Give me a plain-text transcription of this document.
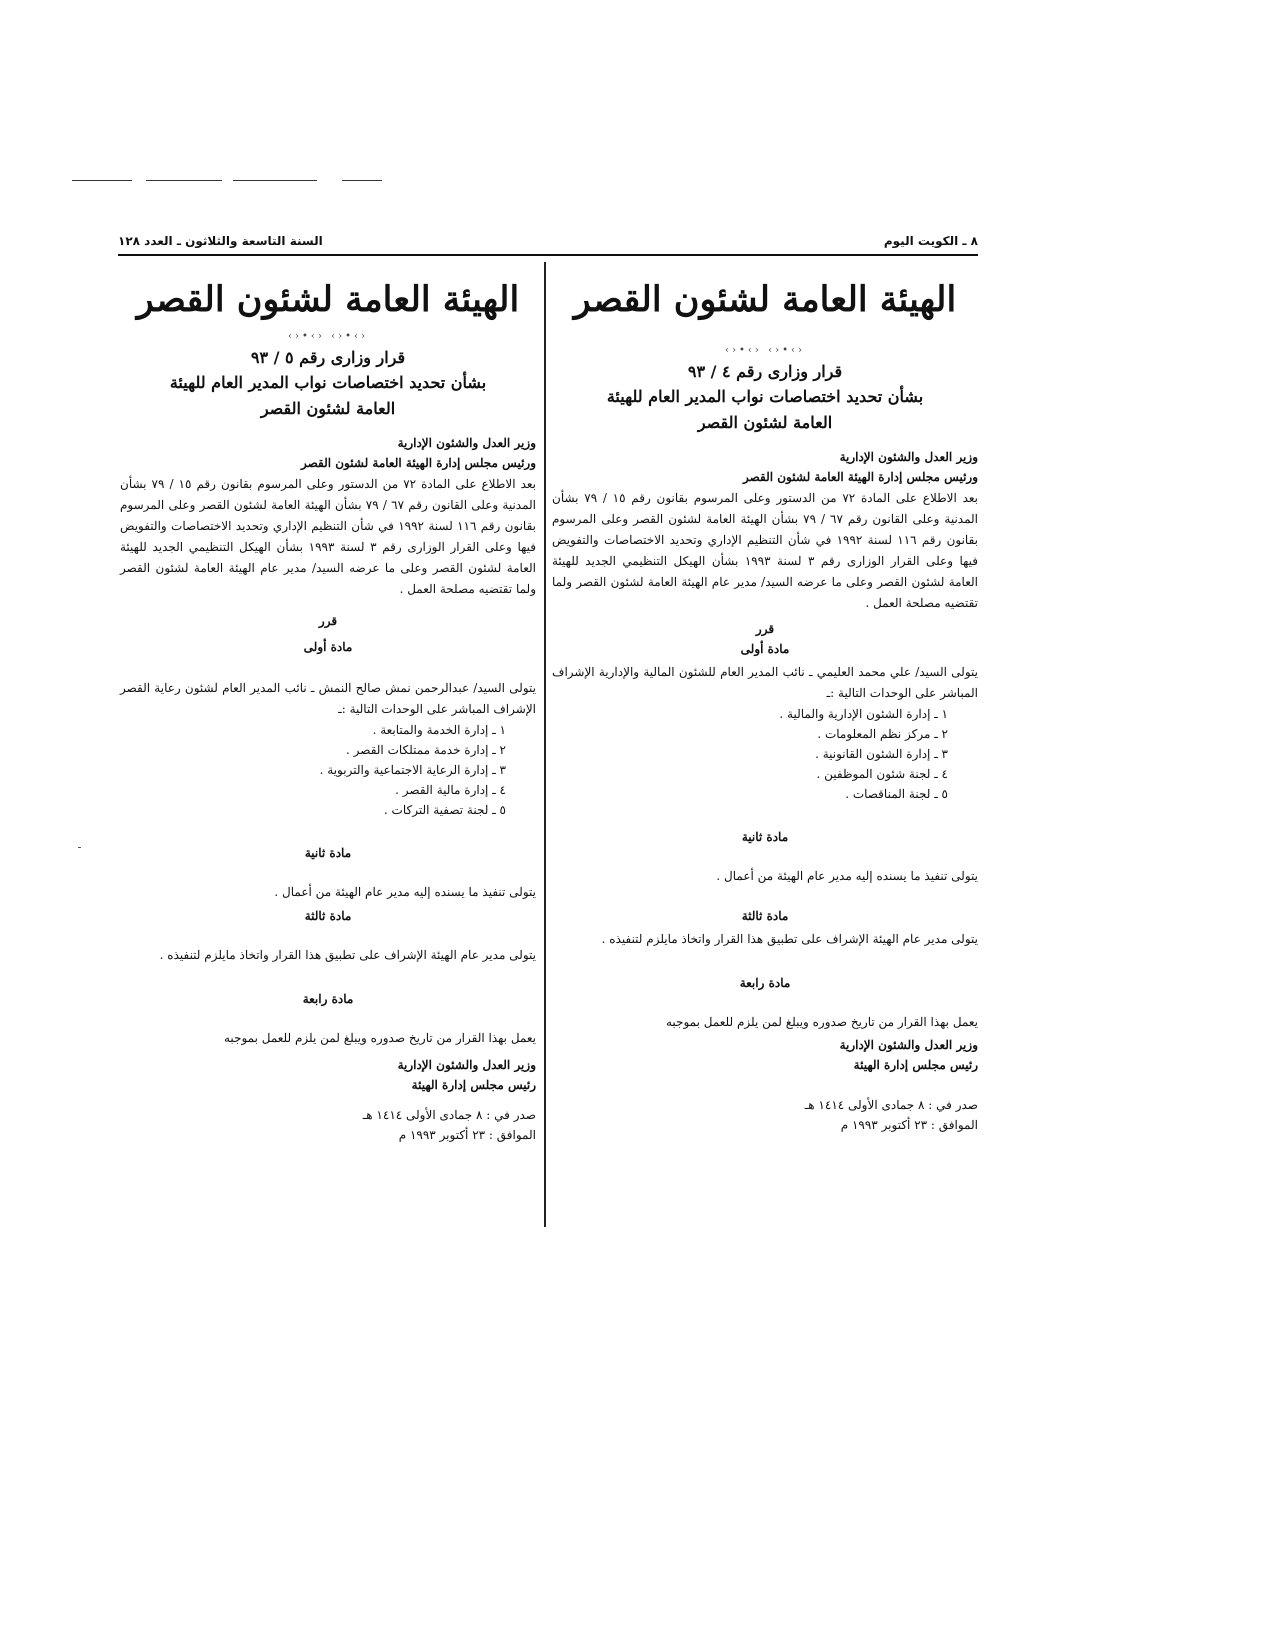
السنة التاسعة والثلاثون ـ العدد ١٢٨	٨ ـ الكويت اليوم
الهيئة العامة لشئون القصر
‹›•‹› ‹›•‹›
قرار وزارى رقم ٥ / ٩٣
بشأن تحديد اختصاصات نواب المدير العام للهيئة
العامة لشئون القصر
وزير العدل والشئون الإدارية
ورئيس مجلس إدارة الهيئة العامة لشئون القصر
بعد الاطلاع على المادة ٧٢ من الدستور وعلى المرسوم بقانون رقم ١٥ / ٧٩ بشأن المدنية وعلى القانون رقم ٦٧ / ٧٩ بشأن الهيئة العامة لشئون القصر وعلى المرسوم بقانون رقم ١١٦ لسنة ١٩٩٢ في شأن التنظيم الإداري وتحديد الاختصاصات والتفويض فيها وعلى القرار الوزارى رقم ٣ لسنة ١٩٩٣ بشأن الهيكل التنظيمي الجديد للهيئة العامة لشئون القصر وعلى ما عرضه السيد/ مدير عام الهيئة العامة لشئون القصر ولما تقتضيه مصلحة العمل .
قرر
مادة أولى
يتولى السيد/ عبدالرحمن نمش صالح النمش ـ نائب المدير العام لشئون رعاية القصر الإشراف المباشر على الوحدات التالية :ـ
١ ـ إدارة الخدمة والمتابعة .
٢ ـ إدارة خدمة ممتلكات القصر .
٣ ـ إدارة الرعاية الاجتماعية والتربوية .
٤ ـ إدارة مالية القصر .
٥ ـ لجنة تصفية التركات .
مادة ثانية
يتولى تنفيذ ما يسنده إليه مدير عام الهيئة من أعمال .
مادة ثالثة
يتولى مدير عام الهيئة الإشراف على تطبيق هذا القرار واتخاذ مايلزم لتنفيذه .
مادة رابعة
يعمل بهذا القرار من تاريخ صدوره ويبلغ لمن يلزم للعمل بموجبه
وزير العدل والشئون الإدارية
رئيس مجلس إدارة الهيئة
صدر في : ٨ جمادى الأولى ١٤١٤ هـ
الموافق : ٢٣ أكتوبر ١٩٩٣ م
الهيئة العامة لشئون القصر
‹›•‹› ‹›•‹›
قرار وزارى رقم ٤ / ٩٣
بشأن تحديد اختصاصات نواب المدير العام للهيئة
العامة لشئون القصر
وزير العدل والشئون الإدارية
ورئيس مجلس إدارة الهيئة العامة لشئون القصر
بعد الاطلاع على المادة ٧٢ من الدستور وعلى المرسوم بقانون رقم ١٥ / ٧٩ بشأن المدنية وعلى القانون رقم ٦٧ / ٧٩ بشأن الهيئة العامة لشئون القصر وعلى المرسوم بقانون رقم ١١٦ لسنة ١٩٩٢ في شأن التنظيم الإداري وتحديد الاختصاصات والتفويض فيها وعلى القرار الوزارى رقم ٣ لسنة ١٩٩٣ بشأن الهيكل التنظيمي الجديد للهيئة العامة لشئون القصر وعلى ما عرضه السيد/ مدير عام الهيئة العامة لشئون القصر ولما تقتضيه مصلحة العمل .
قرر
مادة أولى
يتولى السيد/ علي محمد العليمي ـ نائب المدير العام للشئون المالية والإدارية الإشراف المباشر على الوحدات التالية :ـ
١ ـ إدارة الشئون الإدارية والمالية .
٢ ـ مركز نظم المعلومات .
٣ ـ إدارة الشئون القانونية .
٤ ـ لجنة شئون الموظفين .
٥ ـ لجنة المناقصات .
مادة ثانية
يتولى تنفيذ ما يسنده إليه مدير عام الهيئة من أعمال .
مادة ثالثة
يتولى مدير عام الهيئة الإشراف على تطبيق هذا القرار واتخاذ مايلزم لتنفيذه .
مادة رابعة
يعمل بهذا القرار من تاريخ صدوره ويبلغ لمن يلزم للعمل بموجبه
وزير العدل والشئون الإدارية
رئيس مجلس إدارة الهيئة
صدر في : ٨ جمادى الأولى ١٤١٤ هـ
الموافق : ٢٣ أكتوبر ١٩٩٣ م
